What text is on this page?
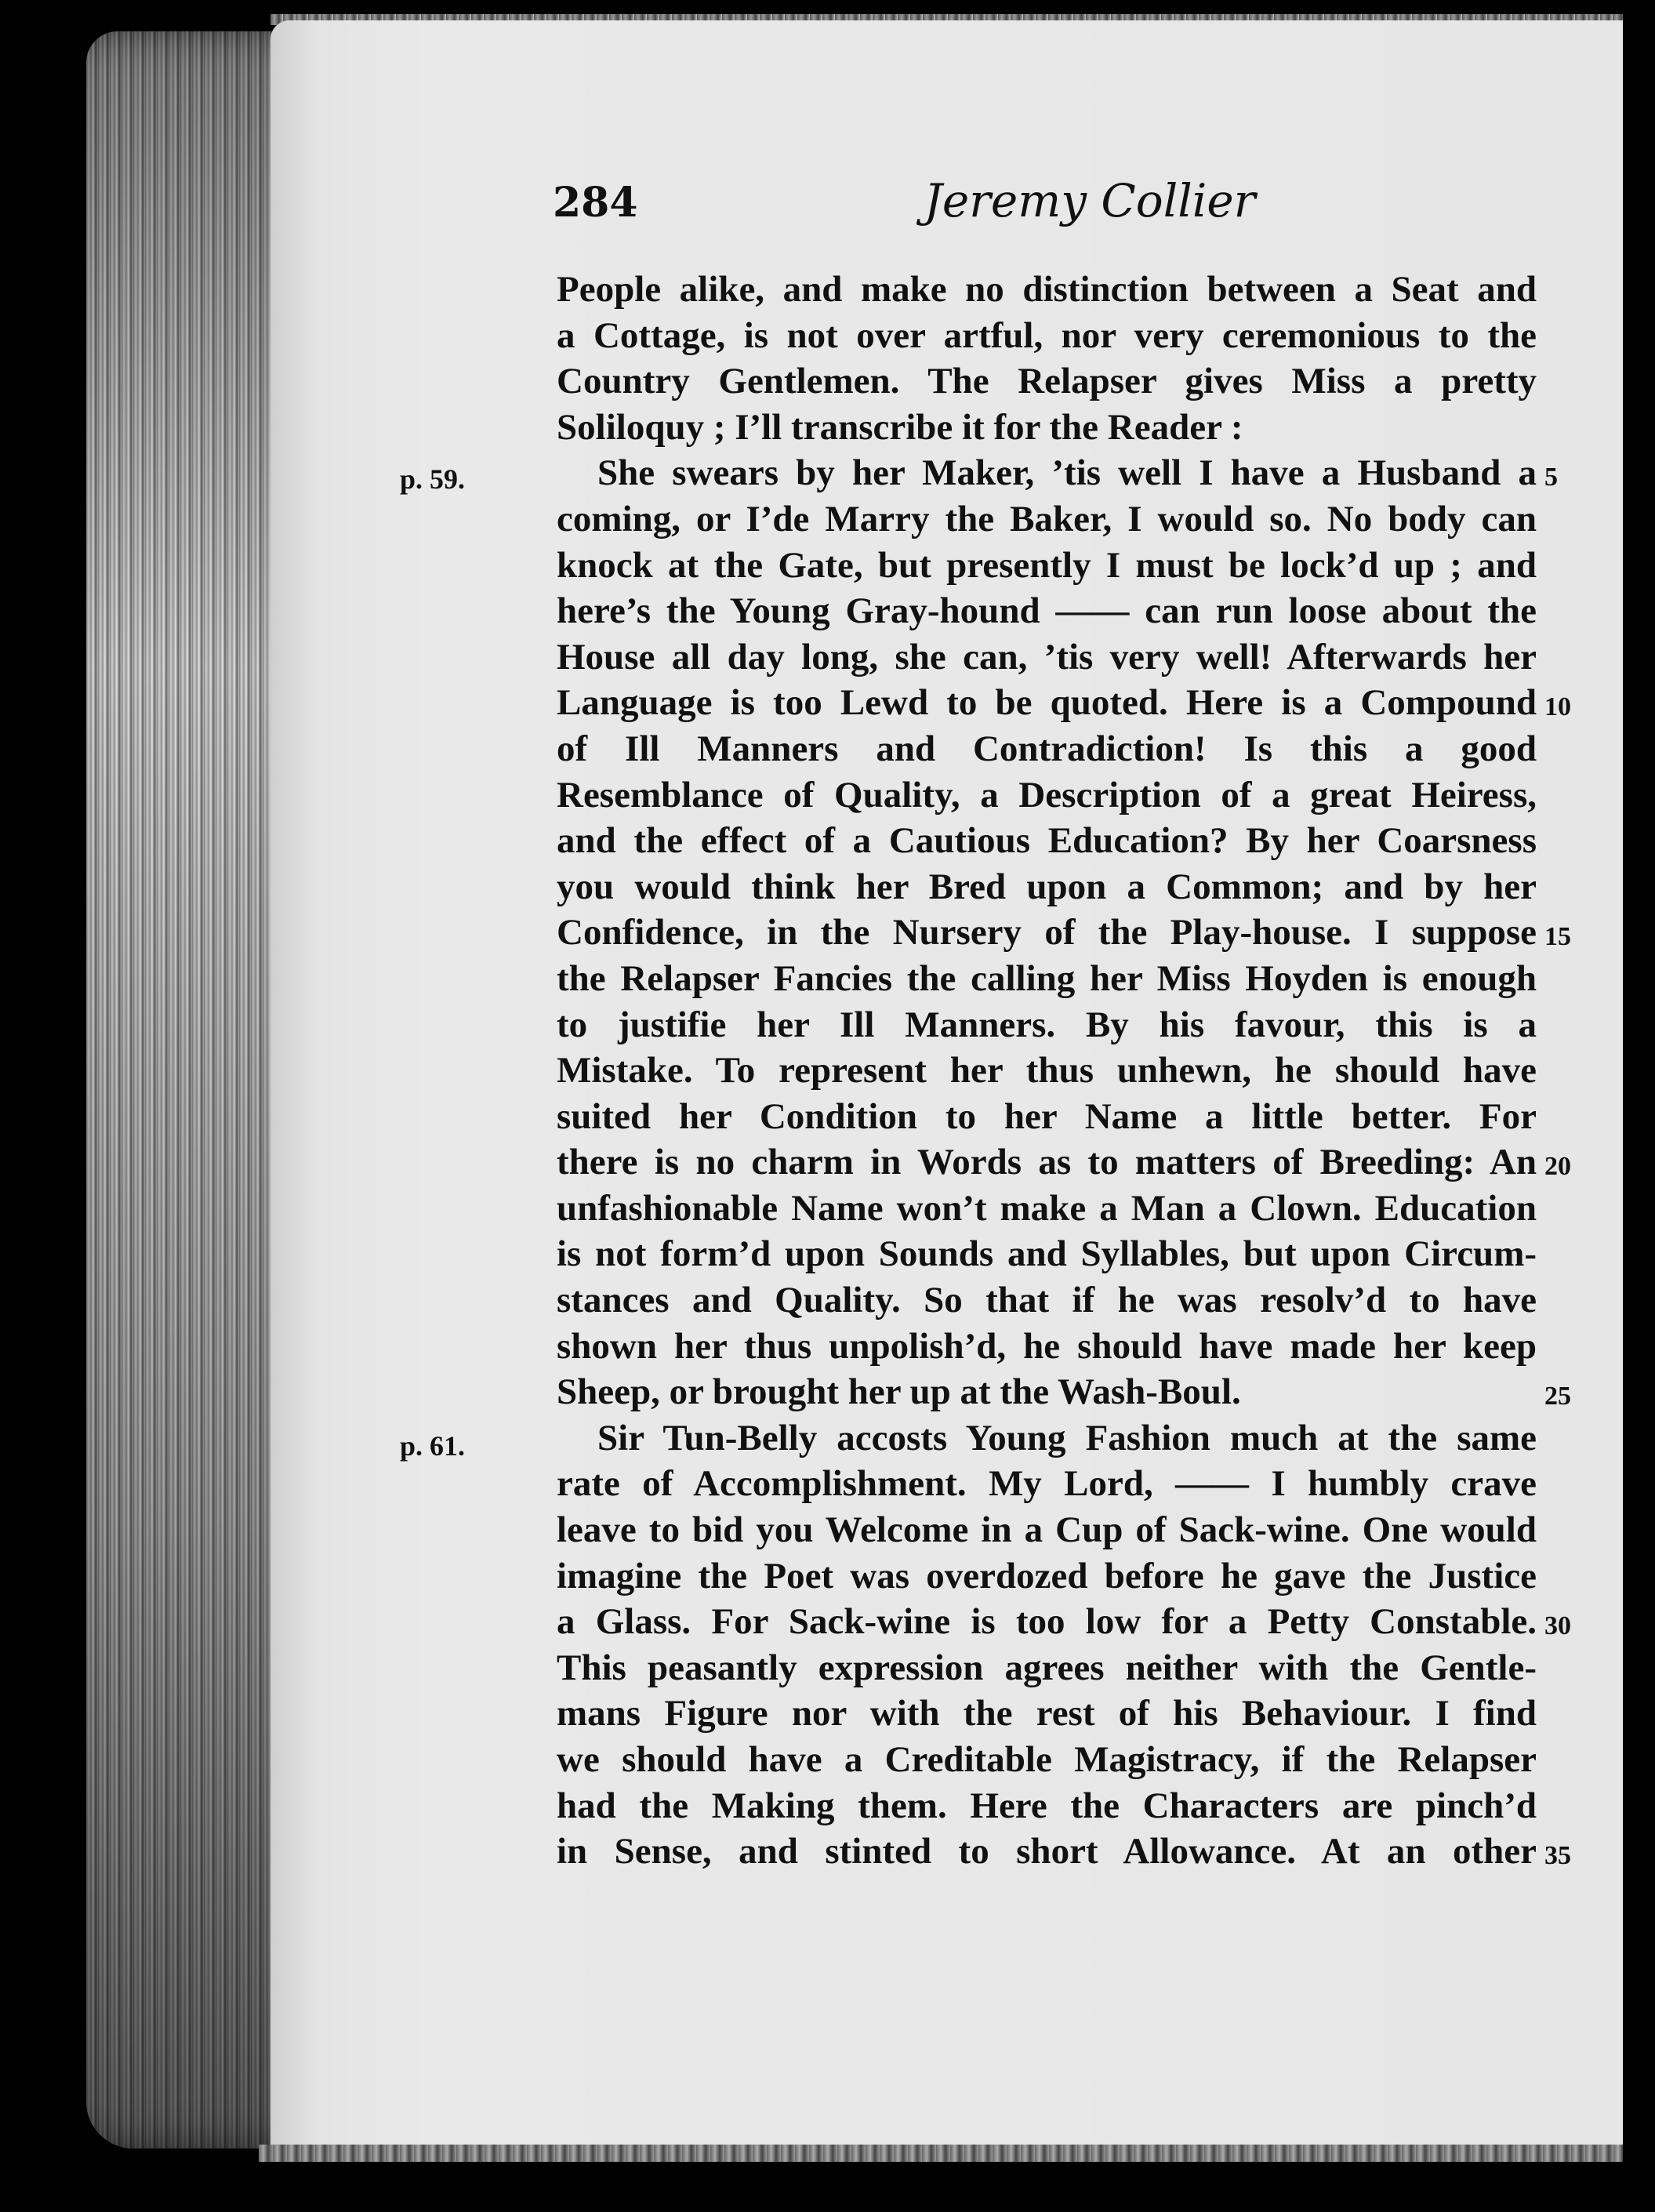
284	Jeremy Collier
p. 59.
p. 61.
5
10
15
20
25
30
35
People alike, and make no distinction between a Seat and
a Cottage, is not over artful, nor very ceremonious to the
Country Gentlemen. The Relapser gives Miss a pretty
Soliloquy ; I’ll transcribe it for the Reader :
She swears by her Maker, ’tis well I have a Husband a
coming, or I’de Marry the Baker, I would so. No body can
knock at the Gate, but presently I must be lock’d up ; and
here’s the Young Gray-hound —— can run loose about the
House all day long, she can, ’tis very well! Afterwards her
Language is too Lewd to be quoted. Here is a Compound
of Ill Manners and Contradiction! Is this a good
Resemblance of Quality, a Description of a great Heiress,
and the effect of a Cautious Education? By her Coarsness
you would think her Bred upon a Common; and by her
Confidence, in the Nursery of the Play-house. I suppose
the Relapser Fancies the calling her Miss Hoyden is enough
to justifie her Ill Manners. By his favour, this is a
Mistake. To represent her thus unhewn, he should have
suited her Condition to her Name a little better. For
there is no charm in Words as to matters of Breeding: An
unfashionable Name won’t make a Man a Clown. Education
is not form’d upon Sounds and Syllables, but upon Circum-
stances and Quality. So that if he was resolv’d to have
shown her thus unpolish’d, he should have made her keep
Sheep, or brought her up at the Wash-Boul.
Sir Tun-Belly accosts Young Fashion much at the same
rate of Accomplishment. My Lord, —— I humbly crave
leave to bid you Welcome in a Cup of Sack-wine. One would
imagine the Poet was overdozed before he gave the Justice
a Glass. For Sack-wine is too low for a Petty Constable.
This peasantly expression agrees neither with the Gentle-
mans Figure nor with the rest of his Behaviour. I find
we should have a Creditable Magistracy, if the Relapser
had the Making them. Here the Characters are pinch’d
in Sense, and stinted to short Allowance. At an other
